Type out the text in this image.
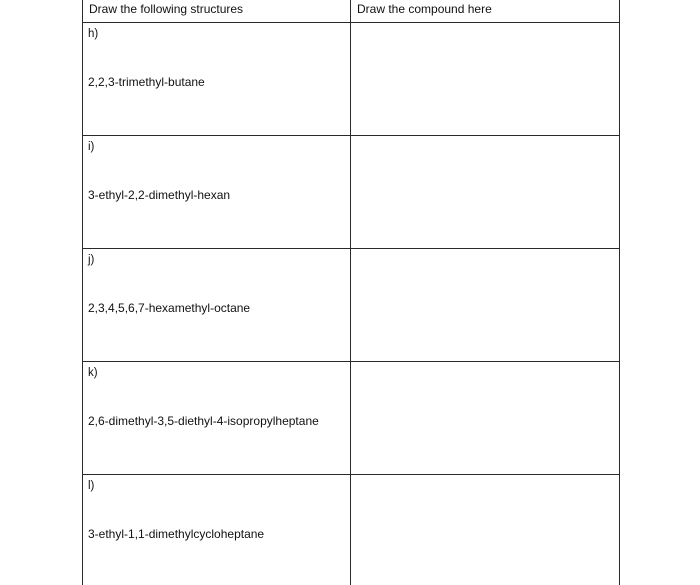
Draw the following structures	Draw the compound here

h)
2,2,3-trimethyl-butane	

i)
3-ethyl-2,2-dimethyl-hexan	

j)
2,3,4,5,6,7-hexamethyl-octane	

k)
2,6-dimethyl-3,5-diethyl-4-isopropylheptane	

l)
3-ethyl-1,1-dimethylcycloheptane	
